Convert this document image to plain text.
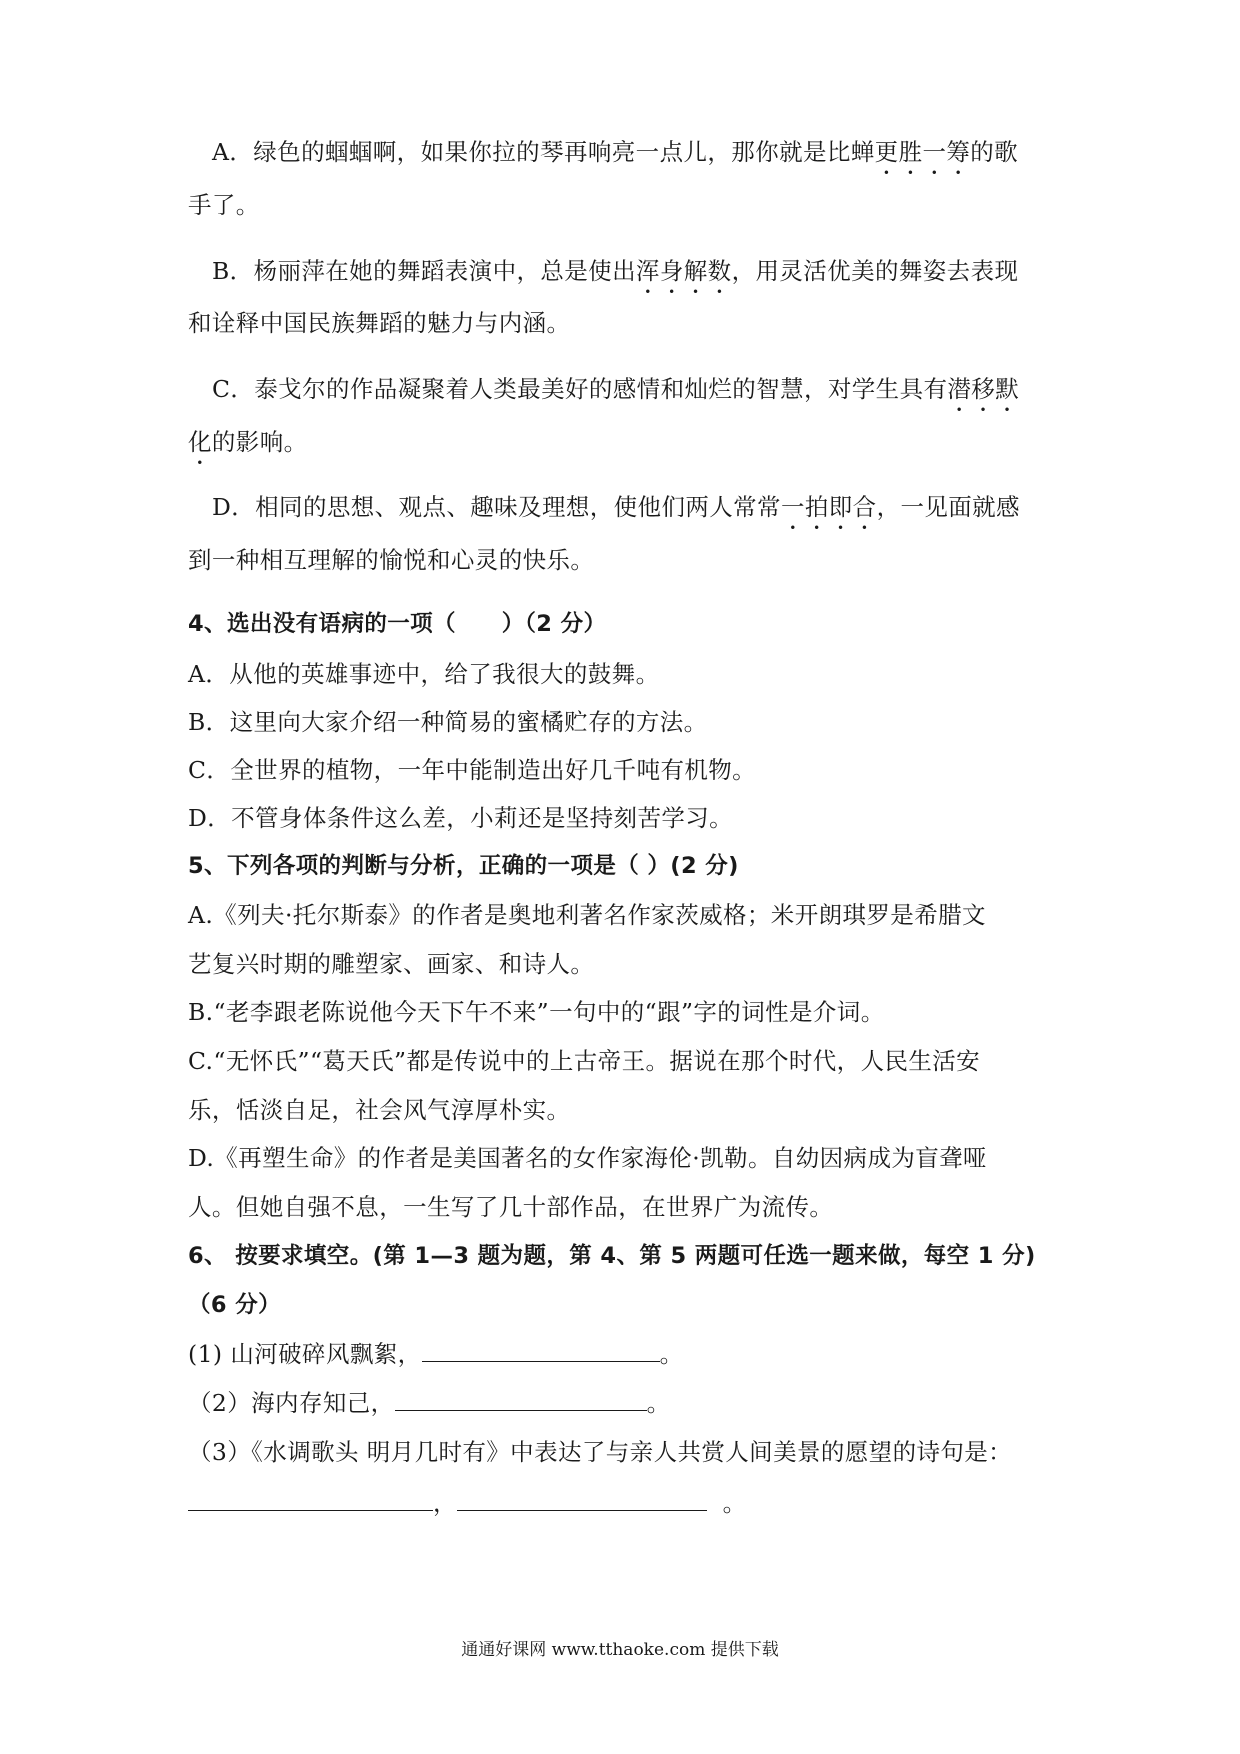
A．绿色的蝈蝈啊，如果你拉的琴再响亮一点儿，那你就是比蝉更胜一筹的歌
手了。
B．杨丽萍在她的舞蹈表演中，总是使出浑身解数，用灵活优美的舞姿去表现
和诠释中国民族舞蹈的魅力与内涵。
C．泰戈尔的作品凝聚着人类最美好的感情和灿烂的智慧，对学生具有潜移默
化的影响。
D．相同的思想、观点、趣味及理想，使他们两人常常一拍即合，一见面就感
到一种相互理解的愉悦和心灵的快乐。
4、选出没有语病的一项（　　）（2 分）
A．从他的英雄事迹中，给了我很大的鼓舞。
B．这里向大家介绍一种简易的蜜橘贮存的方法。
C．全世界的植物，一年中能制造出好几千吨有机物。
D．不管身体条件这么差，小莉还是坚持刻苦学习。
5、下列各项的判断与分析，正确的一项是（ ）(2 分)
A.《列夫·托尔斯泰》的作者是奥地利著名作家茨威格；米开朗琪罗是希腊文
艺复兴时期的雕塑家、画家、和诗人。
B.“老李跟老陈说他今天下午不来”一句中的“跟”字的词性是介词。
C.“无怀氏”“葛天氏”都是传说中的上古帝王。据说在那个时代，人民生活安
乐，恬淡自足，社会风气淳厚朴实。
D.《再塑生命》的作者是美国著名的女作家海伦·凯勒。自幼因病成为盲聋哑
人。但她自强不息，一生写了几十部作品，在世界广为流传。
6、 按要求填空。(第 1—3 题为题，第 4、第 5 两题可任选一题来做，每空 1 分)
（6 分）
(1) 山河破碎风飘絮，	。
（2）海内存知己，	。
（3）《水调歌头 明月几时有》中表达了与亲人共赏人间美景的愿望的诗句是：
，	。
通通好课网 www.tthaoke.com 提供下载
